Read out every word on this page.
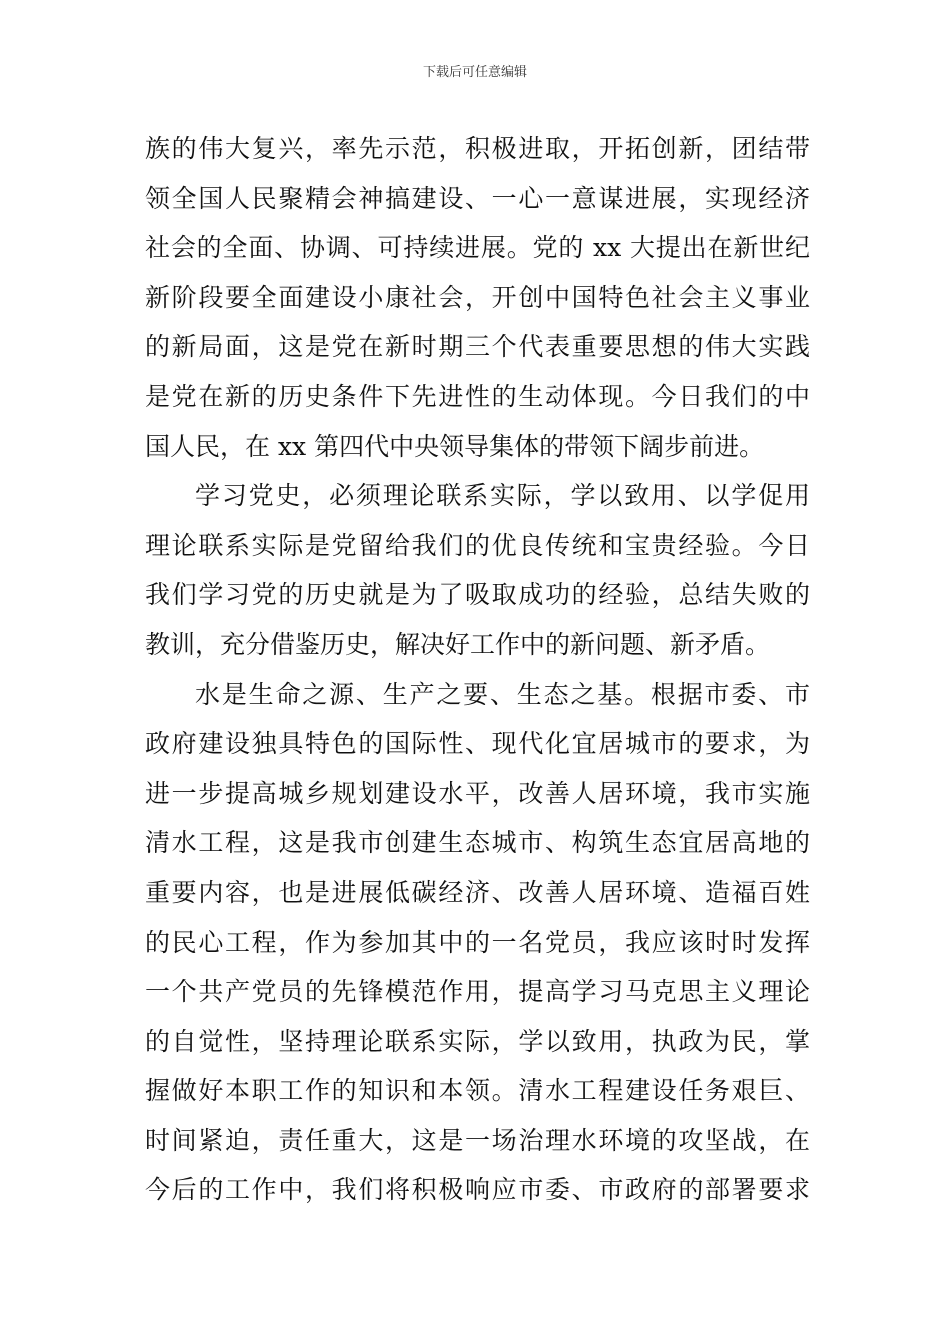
下载后可任意编辑
族的伟大复兴，率先示范，积极进取，开拓创新，团结带
领全国人民聚精会神搞建设、一心一意谋进展，实现经济
社会的全面、协调、可持续进展。党的 xx 大提出在新世纪
新阶段要全面建设小康社会，开创中国特色社会主义事业
的新局面，这是党在新时期三个代表重要思想的伟大实践
是党在新的历史条件下先进性的生动体现。今日我们的中
国人民，在 xx 第四代中央领导集体的带领下阔步前进。
学习党史，必须理论联系实际，学以致用、以学促用
理论联系实际是党留给我们的优良传统和宝贵经验。今日
我们学习党的历史就是为了吸取成功的经验，总结失败的
教训，充分借鉴历史，解决好工作中的新问题、新矛盾。
水是生命之源、生产之要、生态之基。根据市委、市
政府建设独具特色的国际性、现代化宜居城市的要求，为
进一步提高城乡规划建设水平，改善人居环境，我市实施
清水工程，这是我市创建生态城市、构筑生态宜居高地的
重要内容，也是进展低碳经济、改善人居环境、造福百姓
的民心工程，作为参加其中的一名党员，我应该时时发挥
一个共产党员的先锋模范作用，提高学习马克思主义理论
的自觉性，坚持理论联系实际，学以致用，执政为民，掌
握做好本职工作的知识和本领。清水工程建设任务艰巨、
时间紧迫，责任重大，这是一场治理水环境的攻坚战，在
今后的工作中，我们将积极响应市委、市政府的部署要求
